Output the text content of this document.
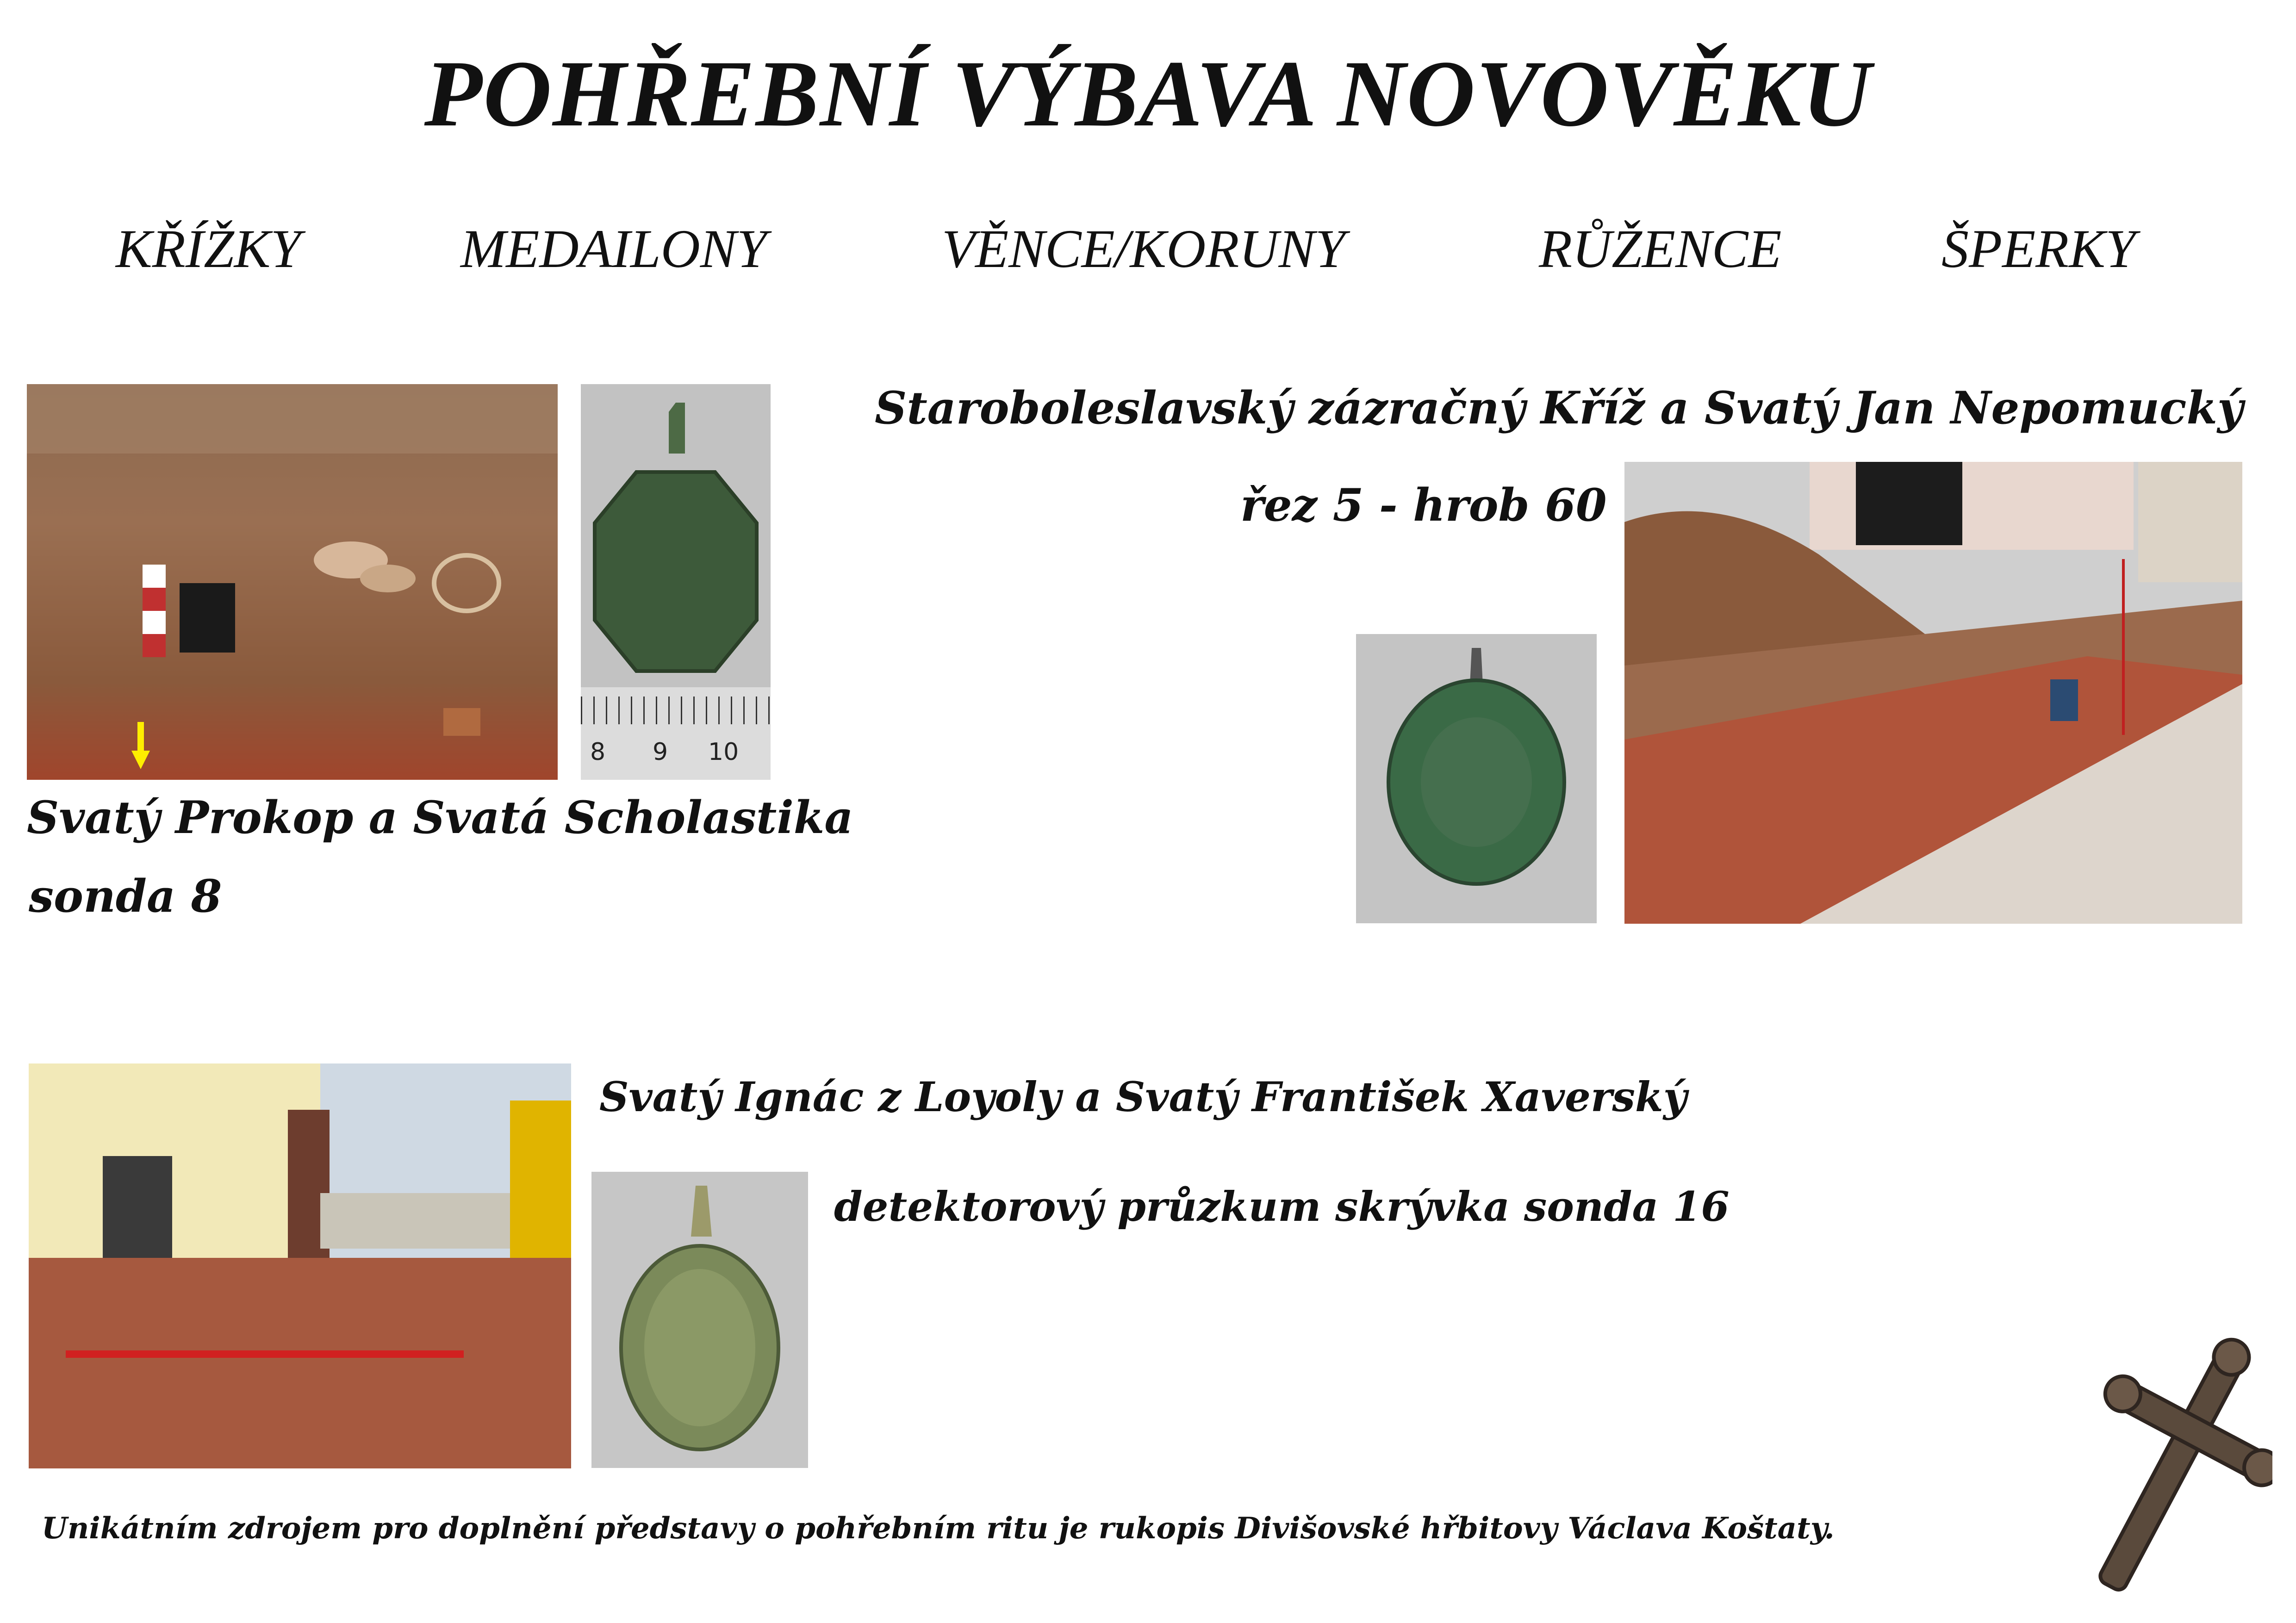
POHŘEBNÍ VÝBAVA NOVOVĚKU
KŘÍŽKY	MEDAILONY	VĚNCE/KORUNY	RŮŽENCE	ŠPERKY
8 9 10
Svatý Prokop a Svatá Scholastika
sonda 8
Staroboleslavský zázračný Kříž a Svatý Jan Nepomucký
řez 5 - hrob 60
Svatý Ignác z Loyoly a Svatý František Xaverský
detektorový průzkum skrývka sonda 16
Unikátním zdrojem pro doplnění představy o pohřebním ritu je rukopis Divišovské hřbitovy Václava Koštaty.
